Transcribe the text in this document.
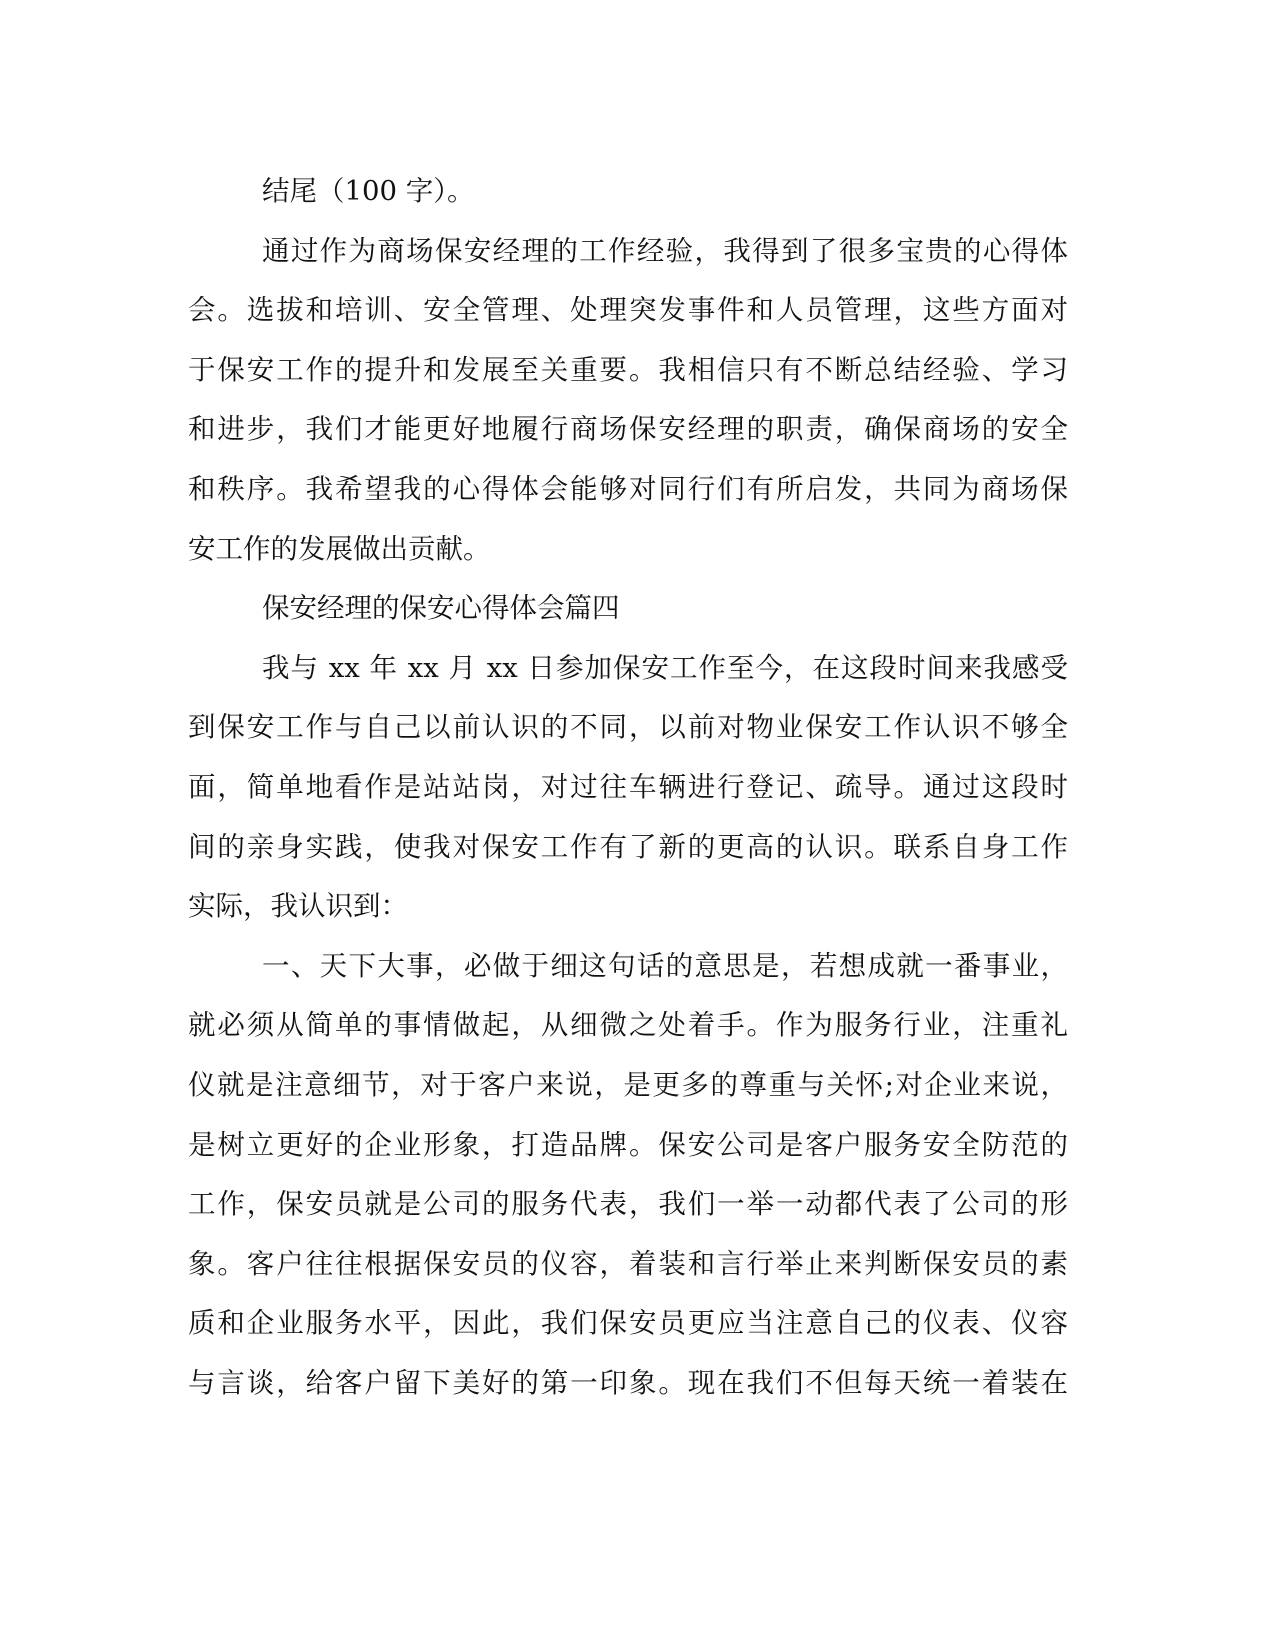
结尾（100 字）。
通过作为商场保安经理的工作经验，我得到了很多宝贵的心得体
会。选拔和培训、安全管理、处理突发事件和人员管理，这些方面对
于保安工作的提升和发展至关重要。我相信只有不断总结经验、学习
和进步，我们才能更好地履行商场保安经理的职责，确保商场的安全
和秩序。我希望我的心得体会能够对同行们有所启发，共同为商场保
安工作的发展做出贡献。
保安经理的保安心得体会篇四
我与 xx 年 xx 月 xx 日参加保安工作至今，在这段时间来我感受
到保安工作与自己以前认识的不同，以前对物业保安工作认识不够全
面，简单地看作是站站岗，对过往车辆进行登记、疏导。通过这段时
间的亲身实践，使我对保安工作有了新的更高的认识。联系自身工作
实际，我认识到：
一、天下大事，必做于细这句话的意思是，若想成就一番事业，
就必须从简单的事情做起，从细微之处着手。作为服务行业，注重礼
仪就是注意细节，对于客户来说，是更多的尊重与关怀;对企业来说，
是树立更好的企业形象，打造品牌。保安公司是客户服务安全防范的
工作，保安员就是公司的服务代表，我们一举一动都代表了公司的形
象。客户往往根据保安员的仪容，着装和言行举止来判断保安员的素
质和企业服务水平，因此，我们保安员更应当注意自己的仪表、仪容
与言谈，给客户留下美好的第一印象。现在我们不但每天统一着装在
